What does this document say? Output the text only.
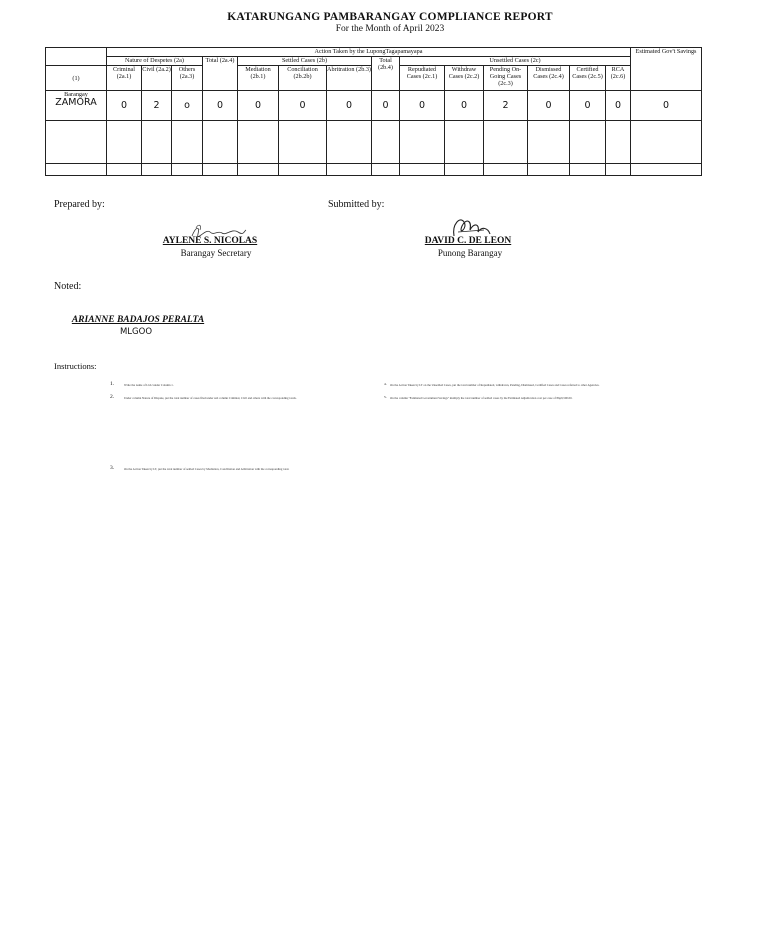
KATARUNGANG PAMBARANGAY COMPLIANCE REPORT
For the Month of April 2023
	Action Taken by the LupongTagapamayapa														Estimated Gov't Savings
	Nature of Despetes (2a)			Total (2a.4)	Settled Cases (2b)			Total (2b.4)	Unsettled Cases (2c)						
(1)	Criminal (2a.1)	Civil (2a.2)	Others (2a.3)		Mediation (2b.1)	Conciliation (2b.2b)	Abritration (2b.3)		Repudiated Cases (2c.1)	Withdraw Cases (2c.2)	Pending On-Going Cases (2c.3)	Dismissed Cases (2c.4)	Certified Cases (2c.5)	RCA (2c.6)	

Barangay
ZAMORA	0	2	o	0	0	0	0	0	0	0	2	0	0	0	0

Prepared by:	Submitted by:
AYLENE S. NICOLAS
Barangay Secretary
DAVID C. DE LEON
Punong Barangay
Noted:
ARIANNE BADAJOS PERALTA
MLGOO
Instructions:
1.	Write the name of LGU under Column 1.
2.	Under column Nature of Dispute, put the total number of cases filed under sub column Criminal, Civil and others with the corresponding totals.
3.	On the Action Taken by LT, put the total number of settled Cases by Mediation, Conciliation and Arbitration with the corresponding total.
4. On the Action Taken by LT on the Unsettled Cases, put the total number of Repudiated, withdrawn, Pending, Dismissed, Certified Cases and Cases referred to other Agencies.
5. On the column "Estimated Government Savings" multiply the total number of settled cases by the Estimated Adjudication cost per case of Php9,500.00.
